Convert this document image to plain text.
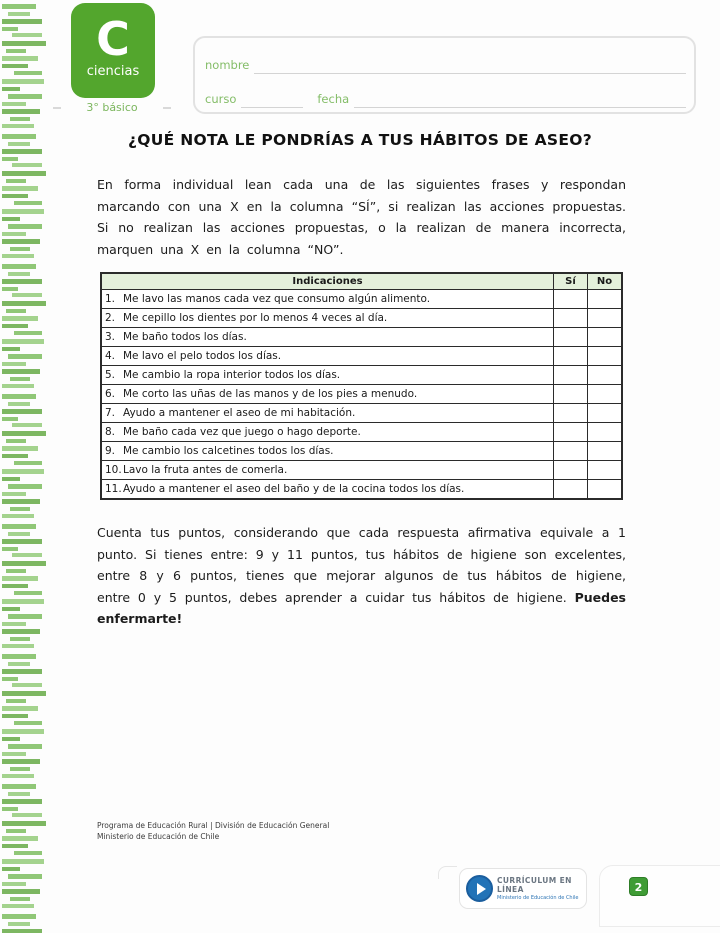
C
ciencias
3° básico
nombre
curso	fecha
¿QUÉ NOTA LE PONDRÍAS A TUS HÁBITOS DE ASEO?

En forma individual lean cada una de las siguientes frases y respondan marcando con una X en la columna “SÍ”, si realizan las acciones propuestas. Si no realizan las acciones propuestas, o la realizan de manera incorrecta, marquen una X en la columna “NO”.

Indicaciones	Sí	No
1. Me lavo las manos cada vez que consumo algún alimento.		
2. Me cepillo los dientes por lo menos 4 veces al día.		
3. Me baño todos los días.		
4. Me lavo el pelo todos los días.		
5. Me cambio la ropa interior todos los días.		
6. Me corto las uñas de las manos y de los pies a menudo.		
7. Ayudo a mantener el aseo de mi habitación.		
8. Me baño cada vez que juego o hago deporte.		
9. Me cambio los calcetines todos los días.		
10.Lavo la fruta antes de comerla.		
11.Ayudo a mantener el aseo del baño y de la cocina todos los días.		

Cuenta tus puntos, considerando que cada respuesta afirmativa equivale a 1 punto. Si tienes entre: 9 y 11 puntos, tus hábitos de higiene son excelentes, entre 8 y 6 puntos, tienes que mejorar algunos de tus hábitos de higiene, entre 0 y 5 puntos, debes aprender a cuidar tus hábitos de higiene. Puedes enfermarte!

Programa de Educación Rural | División de Educación General
Ministerio de Educación de Chile
CURRÍCULUM EN LÍNEA
Ministerio de Educación de Chile
2
